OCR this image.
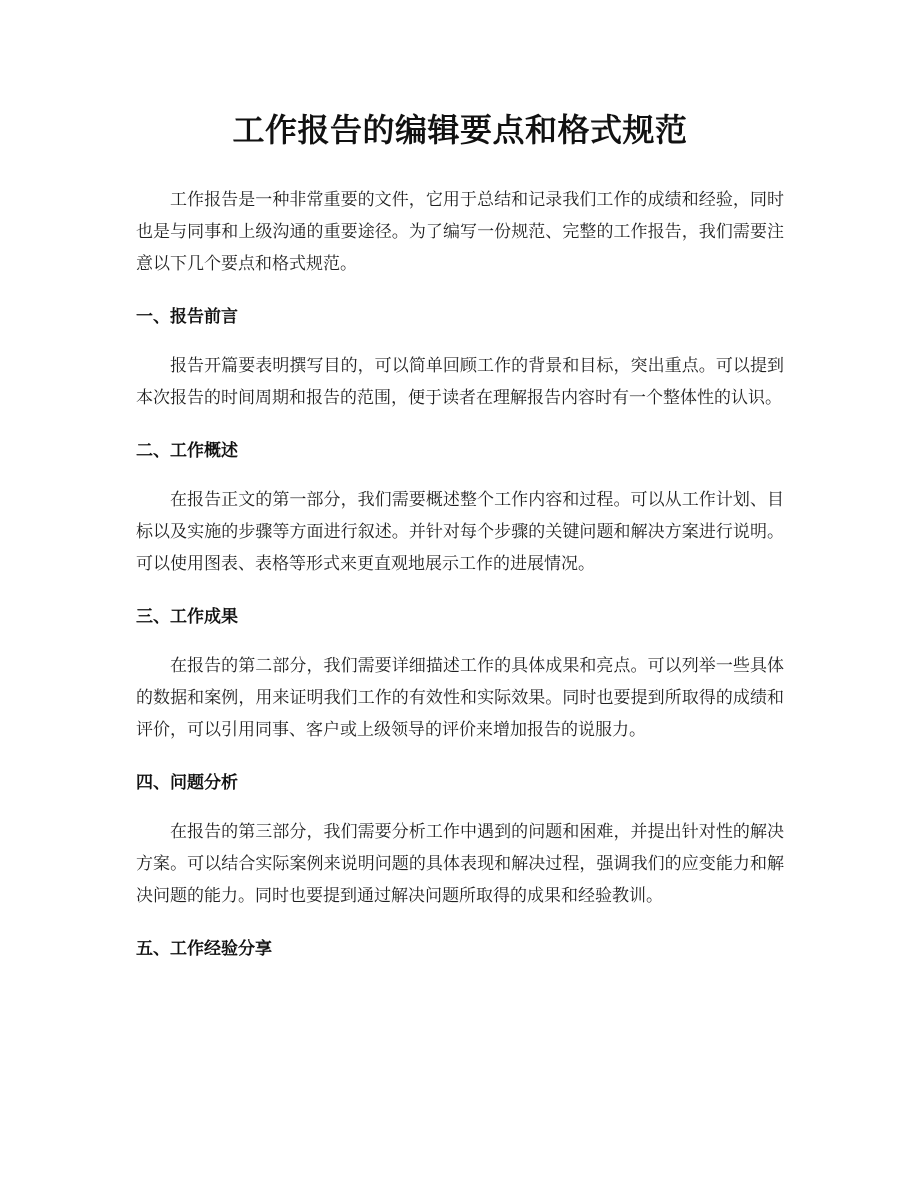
工作报告的编辑要点和格式规范

工作报告是一种非常重要的文件，它用于总结和记录我们工作的成绩和经验，同时也是与同事和上级沟通的重要途径。为了编写一份规范、完整的工作报告，我们需要注意以下几个要点和格式规范。

一、报告前言

报告开篇要表明撰写目的，可以简单回顾工作的背景和目标，突出重点。可以提到本次报告的时间周期和报告的范围，便于读者在理解报告内容时有一个整体性的认识。

二、工作概述

在报告正文的第一部分，我们需要概述整个工作内容和过程。可以从工作计划、目标以及实施的步骤等方面进行叙述。并针对每个步骤的关键问题和解决方案进行说明。可以使用图表、表格等形式来更直观地展示工作的进展情况。

三、工作成果

在报告的第二部分，我们需要详细描述工作的具体成果和亮点。可以列举一些具体的数据和案例，用来证明我们工作的有效性和实际效果。同时也要提到所取得的成绩和评价，可以引用同事、客户或上级领导的评价来增加报告的说服力。

四、问题分析

在报告的第三部分，我们需要分析工作中遇到的问题和困难，并提出针对性的解决方案。可以结合实际案例来说明问题的具体表现和解决过程，强调我们的应变能力和解决问题的能力。同时也要提到通过解决问题所取得的成果和经验教训。

五、工作经验分享
